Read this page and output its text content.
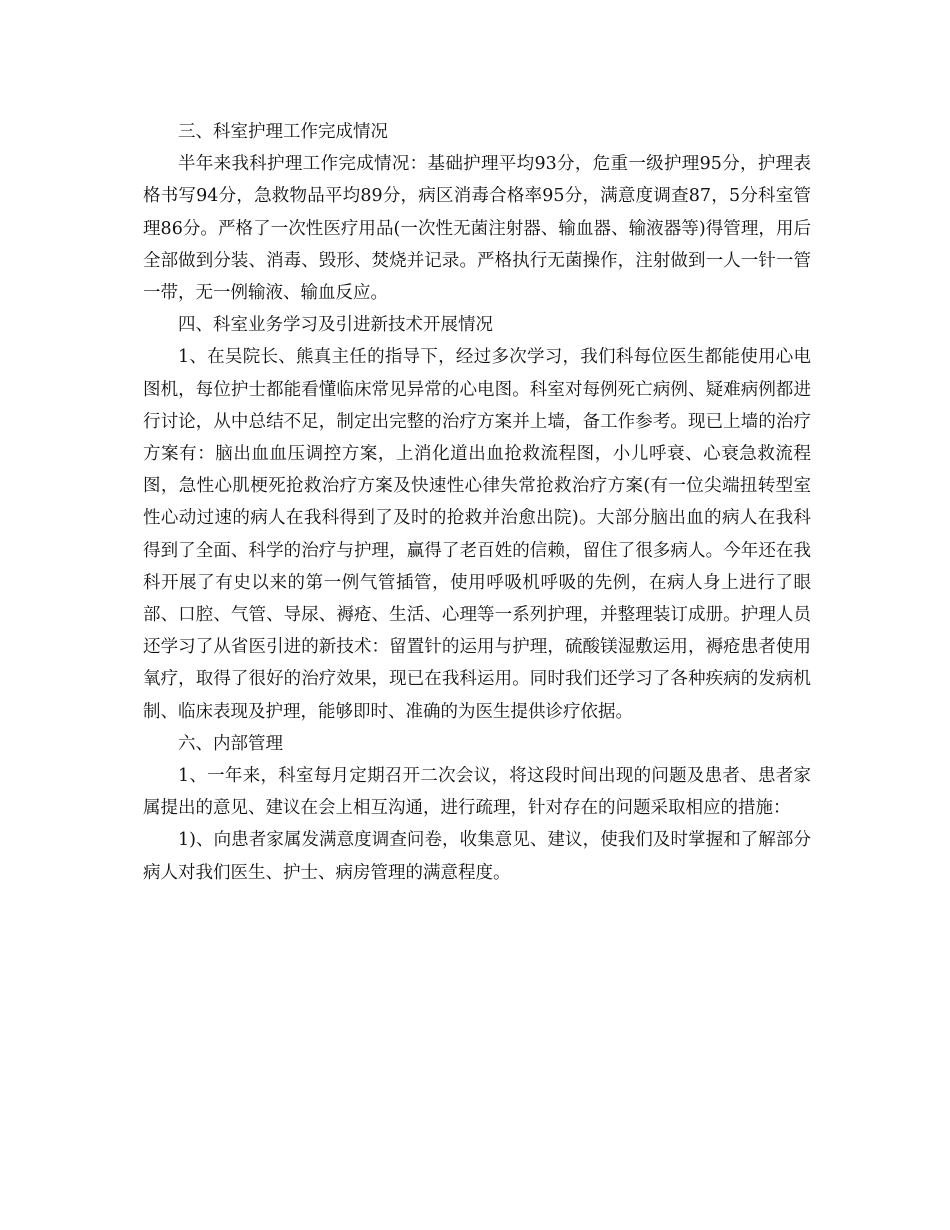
三、科室护理工作完成情况

半年来我科护理工作完成情况：基础护理平均93分，危重一级护理95分，护理表格书写94分，急救物品平均89分，病区消毒合格率95分，满意度调查87，5分科室管理86分。严格了一次性医疗用品(一次性无菌注射器、输血器、输液器等)得管理，用后全部做到分装、消毒、毁形、焚烧并记录。严格执行无菌操作，注射做到一人一针一管一带，无一例输液、输血反应。

四、科室业务学习及引进新技术开展情况

1、在吴院长、熊真主任的指导下，经过多次学习，我们科每位医生都能使用心电图机，每位护士都能看懂临床常见异常的心电图。科室对每例死亡病例、疑难病例都进行讨论，从中总结不足，制定出完整的治疗方案并上墙，备工作参考。现已上墙的治疗方案有：脑出血血压调控方案，上消化道出血抢救流程图，小儿呼衰、心衰急救流程图，急性心肌梗死抢救治疗方案及快速性心律失常抢救治疗方案(有一位尖端扭转型室性心动过速的病人在我科得到了及时的抢救并治愈出院)。大部分脑出血的病人在我科得到了全面、科学的治疗与护理，赢得了老百姓的信赖，留住了很多病人。今年还在我科开展了有史以来的第一例气管插管，使用呼吸机呼吸的先例，在病人身上进行了眼部、口腔、气管、导尿、褥疮、生活、心理等一系列护理，并整理装订成册。护理人员还学习了从省医引进的新技术：留置针的运用与护理，硫酸镁湿敷运用，褥疮患者使用氧疗，取得了很好的治疗效果，现已在我科运用。同时我们还学习了各种疾病的发病机制、临床表现及护理，能够即时、准确的为医生提供诊疗依据。

六、内部管理

1、一年来，科室每月定期召开二次会议，将这段时间出现的问题及患者、患者家属提出的意见、建议在会上相互沟通，进行疏理，针对存在的问题采取相应的措施：

1)、向患者家属发满意度调查问卷，收集意见、建议，使我们及时掌握和了解部分病人对我们医生、护士、病房管理的满意程度。
